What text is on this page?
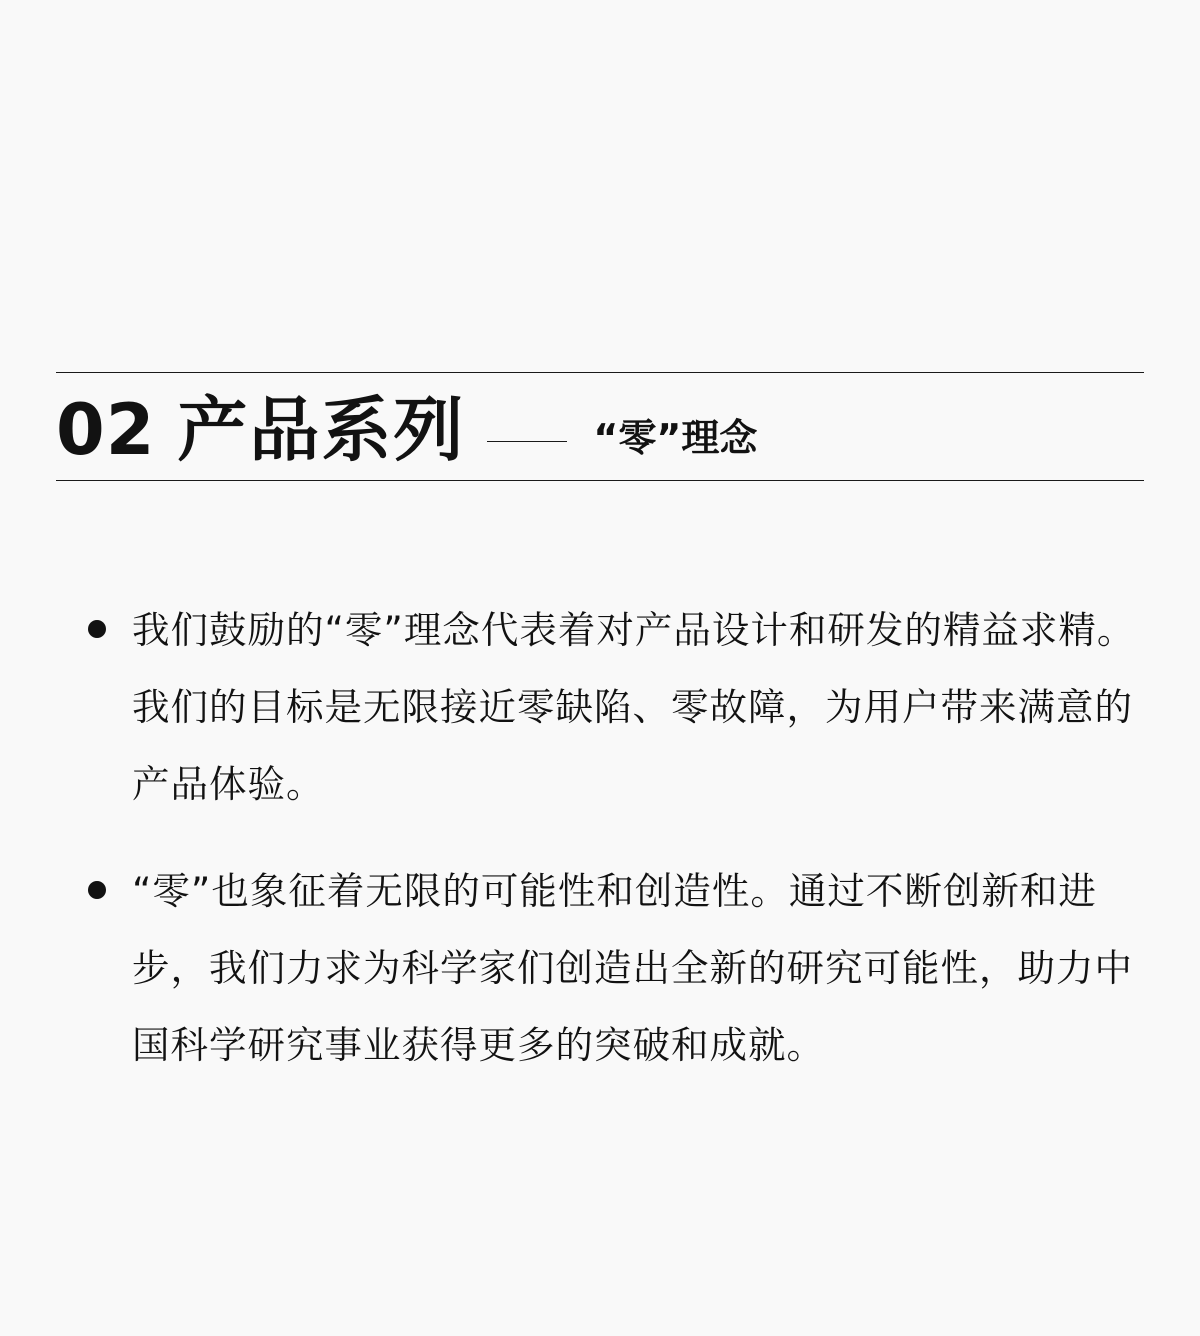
02 产品系列	“零”理念
我们鼓励的“零”理念代表着对产品设计和研发的精益求精。我们的目标是无限接近零缺陷、零故障，为用户带来满意的产品体验。
“零”也象征着无限的可能性和创造性。通过不断创新和进步，我们力求为科学家们创造出全新的研究可能性，助力中国科学研究事业获得更多的突破和成就。
